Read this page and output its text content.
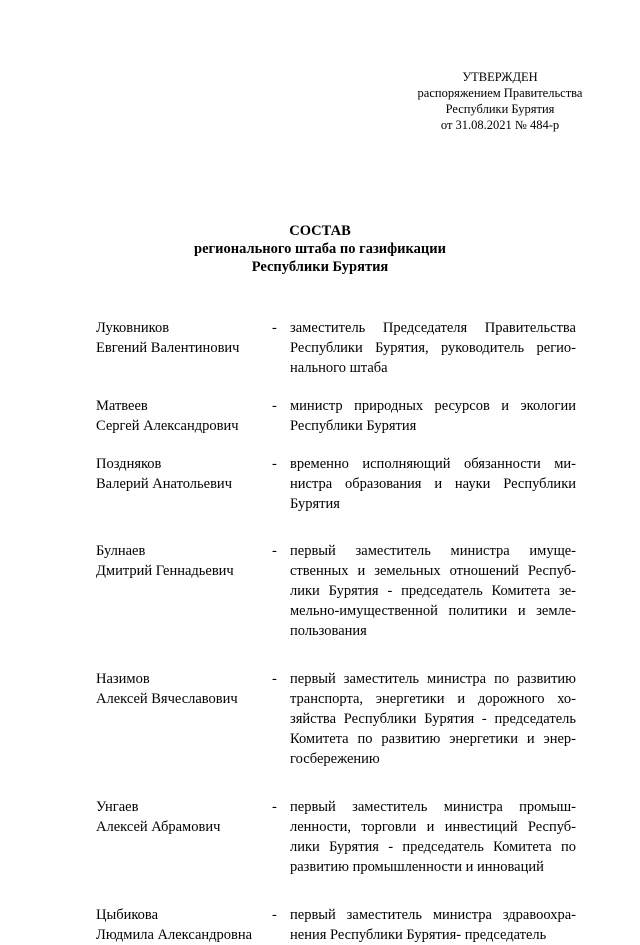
УТВЕРЖДЕН
распоряжением Правительства
Республики Бурятия
от 31.08.2021 № 484-р
СОСТАВ
регионального штаба по газификации
Республики Бурятия
Луковников
Евгений Валентинович
- заместитель Председателя Правительства
Республики Бурятия, руководитель регио-
нального штаба
Матвеев
Сергей Александрович
- министр природных ресурсов и экологии
Республики Бурятия
Поздняков
Валерий Анатольевич
- временно исполняющий обязанности ми-
нистра образования и науки Республики
Бурятия
Булнаев
Дмитрий Геннадьевич
- первый заместитель министра имуще-
ственных и земельных отношений Респуб-
лики Бурятия - председатель Комитета зе-
мельно-имущественной политики и земле-
пользования
Назимов
Алексей Вячеславович
- первый заместитель министра по развитию
транспорта, энергетики и дорожного хо-
зяйства Республики Бурятия - председатель
Комитета по развитию энергетики и энер-
госбережению
Унгаев
Алексей Абрамович
- первый заместитель министра промыш-
ленности, торговли и инвестиций Респуб-
лики Бурятия - председатель Комитета по
развитию промышленности и инноваций
Цыбикова
Людмила Александровна
- первый заместитель министра здравоохра-
нения Республики Бурятия- председатель
